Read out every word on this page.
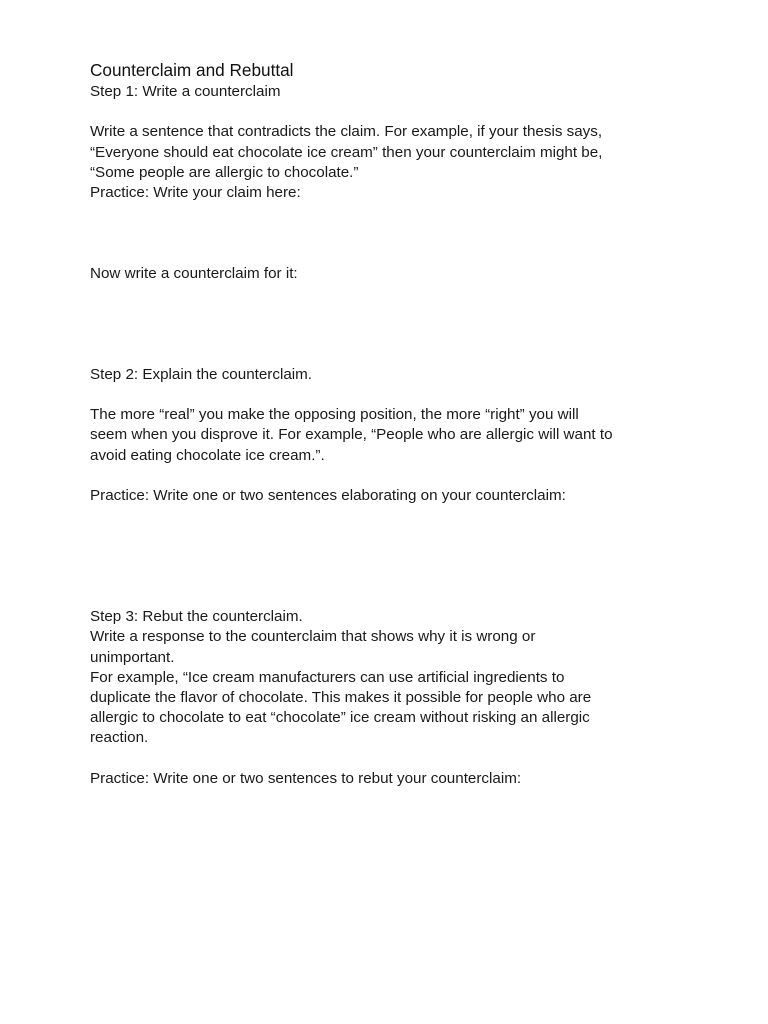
Counterclaim and Rebuttal

Step 1: Write a counterclaim

Write a sentence that contradicts the claim. For example, if your thesis says,

“Everyone should eat chocolate ice cream” then your counterclaim might be,

“Some people are allergic to chocolate.”

Practice: Write your claim here:

Now write a counterclaim for it:

Step 2: Explain the counterclaim.

The more “real” you make the opposing position, the more “right” you will

seem when you disprove it. For example, “People who are allergic will want to

avoid eating chocolate ice cream.”.

Practice: Write one or two sentences elaborating on your counterclaim:

Step 3: Rebut the counterclaim.

Write a response to the counterclaim that shows why it is wrong or

unimportant.

For example, “Ice cream manufacturers can use artificial ingredients to

duplicate the flavor of chocolate. This makes it possible for people who are

allergic to chocolate to eat “chocolate” ice cream without risking an allergic

reaction.

Practice: Write one or two sentences to rebut your counterclaim:
